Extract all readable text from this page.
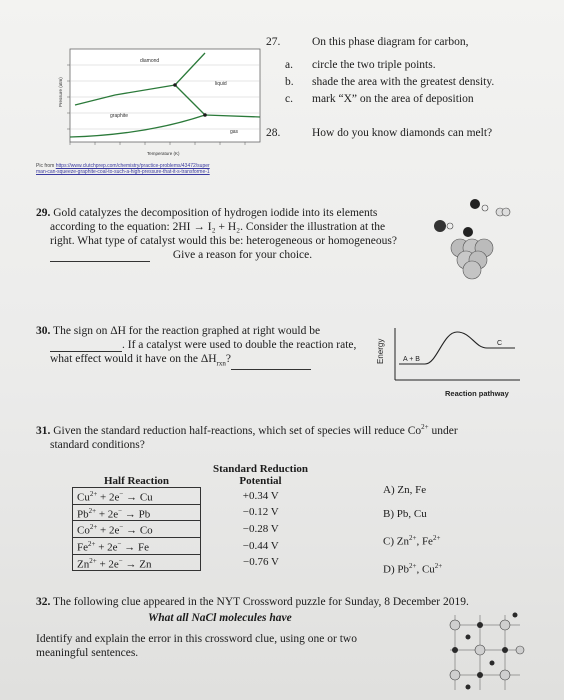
diamond
liquid
graphite
gas
Pressure (atm)
Temperature (K)
Pic from https://www.clutchprep.com/chemistry/practice-problems/43472/super
man-can-squeeze-graphite-coal-to-such-a-high-pressure-that-it-s-transforme-1
27.	On this phase diagram for carbon,
a. circle the two triple points.
b. shade the area with the greatest density.
c. mark “X” on the area of deposition
28.	How do you know diamonds can melt?
29. Gold catalyzes the decomposition of hydrogen iodide into its elements
according to the equation: 2HI → I₂ + H₂. Consider the illustration at the
right. What type of catalyst would this be: heterogeneous or homogeneous?
Give a reason for your choice.
30. The sign on ΔH for the reaction graphed at right would be
. If a catalyst were used to double the reaction rate,
what effect would it have on the $\Delta H_{rxn}$?	Energy	A + B
C
Reaction pathway
31. Given the standard reduction half-reactions, which set of species will reduce $Co^{2+}$ under
standard conditions?
Half Reaction	Standard Reduction
Potential
$Cu^{2+} + 2e^- \to Cu$	+0.34 V
$Pb^{2+} + 2e^- \to Pb$	−0.12 V
$Co^{2+} + 2e^- \to Co$	−0.28 V
$Fe^{2+} + 2e^- \to Fe$	−0.44 V
$Zn^{2+} + 2e^- \to Zn$	−0.76 V
A) Zn, Fe
B) Pb, Cu
C) $Zn^{2+}$, $Fe^{2+}$
D) $Pb^{2+}$, $Cu^{2+}$
32. The following clue appeared in the NYT Crossword puzzle for Sunday, 8 December 2019.
What all NaCl molecules have
Identify and explain the error in this crossword clue, using one or two
meaningful sentences.
